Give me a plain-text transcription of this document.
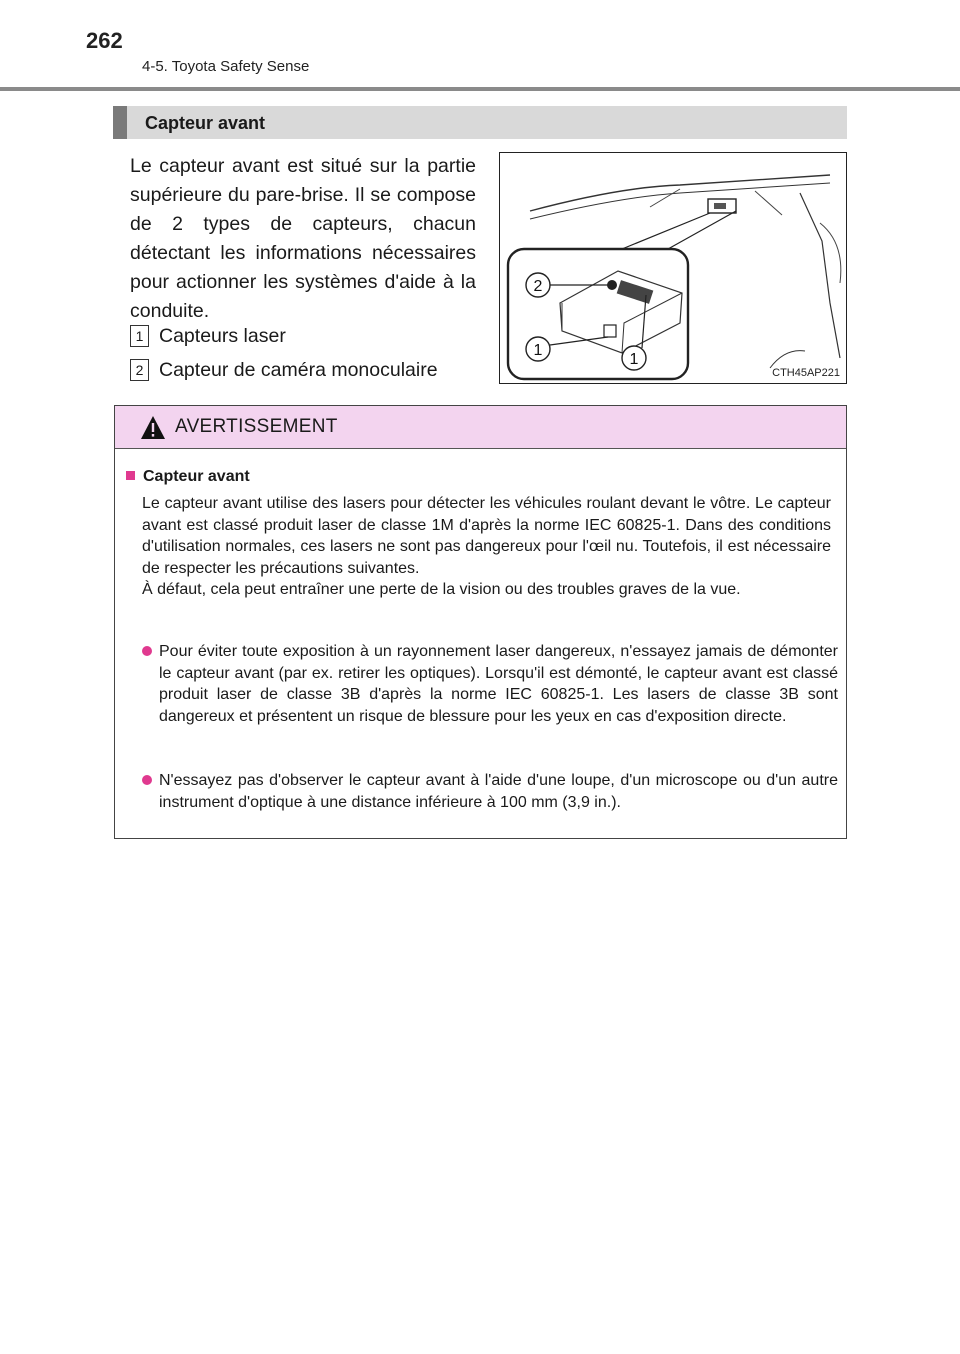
262
4-5. Toyota Safety Sense
Capteur avant
Le capteur avant est situé sur la partie supérieure du pare-brise. Il se compose de 2 types de capteurs, chacun détectant les informations nécessaires pour actionner les systèmes d'aide à la conduite.
1 Capteurs laser
2 Capteur de caméra monoculaire
2
1
1
CTH45AP221
AVERTISSEMENT
Capteur avant

Le capteur avant utilise des lasers pour détecter les véhicules roulant devant le vôtre. Le capteur avant est classé produit laser de classe 1M d'après la norme IEC 60825-1. Dans des conditions d'utilisation normales, ces lasers ne sont pas dangereux pour l'œil nu. Toutefois, il est nécessaire de respecter les précautions suivantes.

À défaut, cela peut entraîner une perte de la vision ou des troubles graves de la vue.

Pour éviter toute exposition à un rayonnement laser dangereux, n'essayez jamais de démonter le capteur avant (par ex. retirer les optiques). Lorsqu'il est démonté, le capteur avant est classé produit laser de classe 3B d'après la norme IEC 60825-1. Les lasers de classe 3B sont dangereux et présentent un risque de blessure pour les yeux en cas d'exposition directe.
N'essayez pas d'observer le capteur avant à l'aide d'une loupe, d'un microscope ou d'un autre instrument d'optique à une distance inférieure à 100 mm (3,9 in.).
